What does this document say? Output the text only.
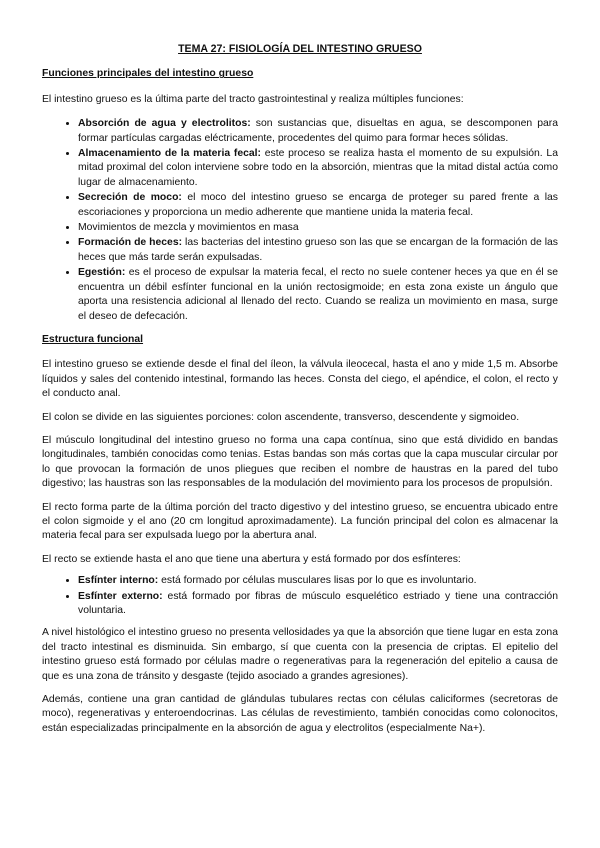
TEMA 27: FISIOLOGÍA DEL INTESTINO GRUESO
Funciones principales del intestino grueso

El intestino grueso es la última parte del tracto gastrointestinal y realiza múltiples funciones:

• Absorción de agua y electrolitos: son sustancias que, disueltas en agua, se descomponen para formar partículas cargadas eléctricamente, procedentes del quimo para formar heces sólidas.
• Almacenamiento de la materia fecal: este proceso se realiza hasta el momento de su expulsión. La mitad proximal del colon interviene sobre todo en la absorción, mientras que la mitad distal actúa como lugar de almacenamiento.
• Secreción de moco: el moco del intestino grueso se encarga de proteger su pared frente a las escoriaciones y proporciona un medio adherente que mantiene unida la materia fecal.
• Movimientos de mezcla y movimientos en masa
• Formación de heces: las bacterias del intestino grueso son las que se encargan de la formación de las heces que más tarde serán expulsadas.
• Egestión: es el proceso de expulsar la materia fecal, el recto no suele contener heces ya que en él se encuentra un débil esfínter funcional en la unión rectosigmoide; en esta zona existe un ángulo que aporta una resistencia adicional al llenado del recto. Cuando se realiza un movimiento en masa, surge el deseo de defecación.
Estructura funcional

El intestino grueso se extiende desde el final del íleon, la válvula ileocecal, hasta el ano y mide 1,5 m. Absorbe líquidos y sales del contenido intestinal, formando las heces. Consta del ciego, el apéndice, el colon, el recto y el conducto anal.

El colon se divide en las siguientes porciones: colon ascendente, transverso, descendente y sigmoideo.

El músculo longitudinal del intestino grueso no forma una capa contínua, sino que está dividido en bandas longitudinales, también conocidas como tenias. Estas bandas son más cortas que la capa muscular circular por lo que provocan la formación de unos pliegues que reciben el nombre de haustras en la pared del tubo digestivo; las haustras son las responsables de la modulación del movimiento para los procesos de propulsión.

El recto forma parte de la última porción del tracto digestivo y del intestino grueso, se encuentra ubicado entre el colon sigmoide y el ano (20 cm longitud aproximadamente). La función principal del colon es almacenar la materia fecal para ser expulsada luego por la abertura anal.

El recto se extiende hasta el ano que tiene una abertura y está formado por dos esfínteres:

• Esfínter interno: está formado por células musculares lisas por lo que es involuntario.
• Esfínter externo: está formado por fibras de músculo esquelético estriado y tiene una contracción voluntaria.

A nivel histológico el intestino grueso no presenta vellosidades ya que la absorción que tiene lugar en esta zona del tracto intestinal es disminuida. Sin embargo, sí que cuenta con la presencia de criptas. El epitelio del intestino grueso está formado por células madre o regenerativas para la regeneración del epitelio a causa de que es una zona de tránsito y desgaste (tejido asociado a grandes agresiones).

Además, contiene una gran cantidad de glándulas tubulares rectas con células caliciformes (secretoras de moco), regenerativas y enteroendocrinas. Las células de revestimiento, también conocidas como colonocitos, están especializadas principalmente en la absorción de agua y electrolitos (especialmente Na+).
